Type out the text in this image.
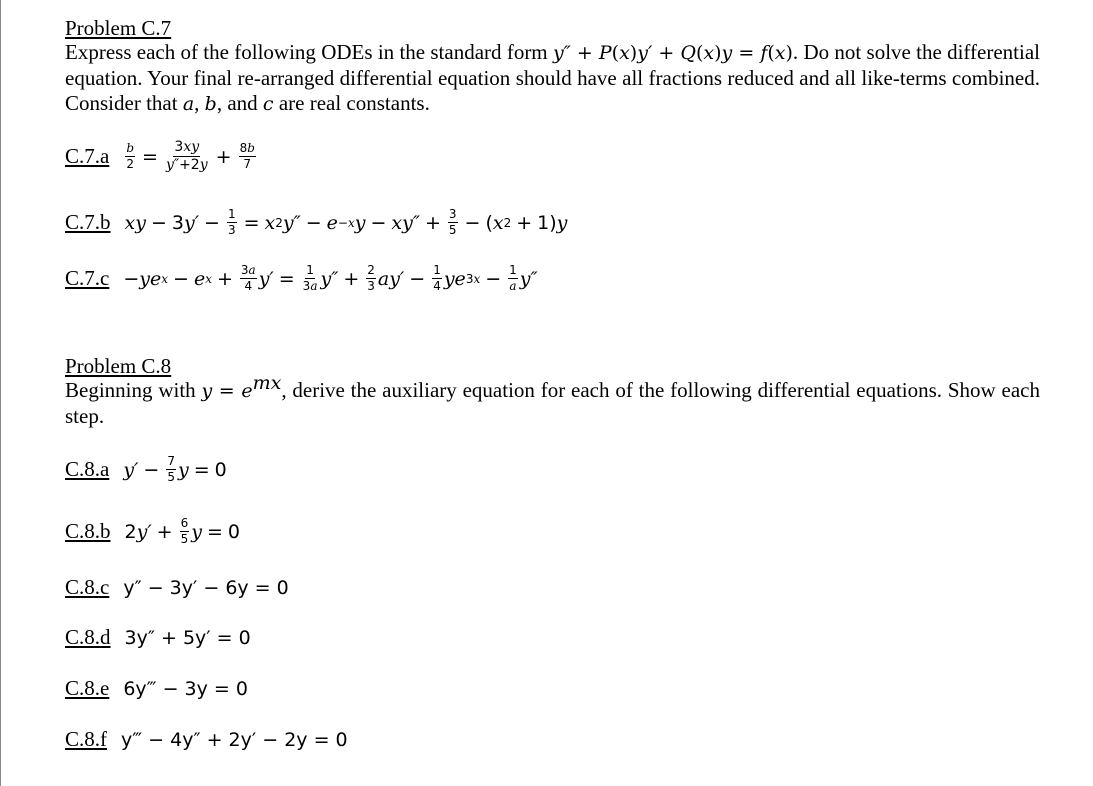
Problem C.7
Express each of the following ODEs in the standard form y″ + P(x)y′ + Q(x)y = f(x). Do not solve the differential equation. Your final re-arranged differential equation should have all fractions reduced and all like-terms combined. Consider that a, b, and c are real constants.
$C.7.a \frac{b}{2} = \frac{3xy}{y''+2y} + \frac{8b}{7}$
C.7.b xy − 3 $y' - \frac{1}{3} = x$ 2 y″ − e −x $y - xy'' + \frac{3}{5}$ − ( x 2 + 1) y
C.7.c − ye x − e $x + \frac{3a}{4} y' = \frac{1}{3a} y'' + \frac{2}{3} ay' - \frac{1}{4}$ ye $3x - \frac{1}{a} y''$
Problem C.8
Beginning with $y = e^{mx}$, derive the auxiliary equation for each of the following differential equations. Show each step.
C.8.a $y' - \frac{7}{5}$ y = 0
C.8.b 2 $y' + \frac{6}{5}$ y = 0
C.8.c y″ − 3y′ − 6y = 0
C.8.d 3y″ + 5y′ = 0
C.8.e 6y‴ − 3y = 0
C.8.f y‴ − 4y″ + 2y′ − 2y = 0
